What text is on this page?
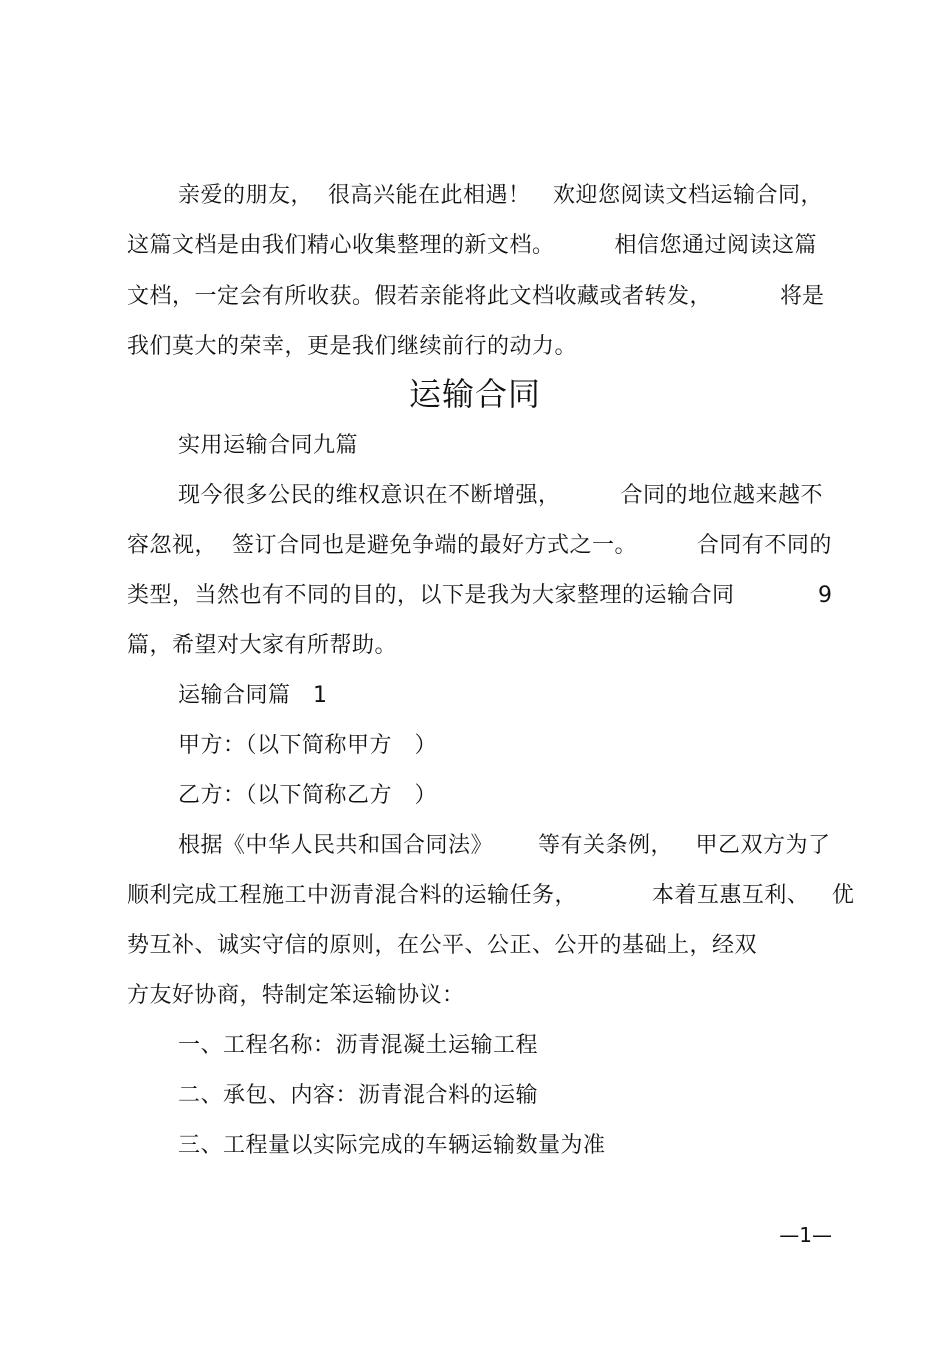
亲爱的朋友，  很高兴能在此相遇！   欢迎您阅读文档运输合同，
这篇文档是由我们精心收集整理的新文档。        相信您通过阅读这篇
文档，一定会有所收获。假若亲能将此文档收藏或者转发，	将是
我们莫大的荣幸，更是我们继续前行的动力。
运输合同
实用运输合同九篇
现今很多公民的维权意识在不断增强，        合同的地位越来越不
容忽视，  签订合同也是避免争端的最好方式之一。        合同有不同的
类型，当然也有不同的目的，以下是我为大家整理的运输合同	9
篇，希望对大家有所帮助。
运输合同篇   1
甲方：（以下简称甲方   ）
乙方：（以下简称乙方   ）
根据《中华人民共和国合同法》      等有关条例，   甲乙双方为了
顺利完成工程施工中沥青混合料的运输任务，          本着互惠互利、   优
势互补、诚实守信的原则，在公平、公正、公开的基础上，经双
方友好协商，特制定笨运输协议：
一、工程名称：沥青混凝土运输工程
二、承包、内容：沥青混合料的运输
三、工程量以实际完成的车辆运输数量为准
—1—
